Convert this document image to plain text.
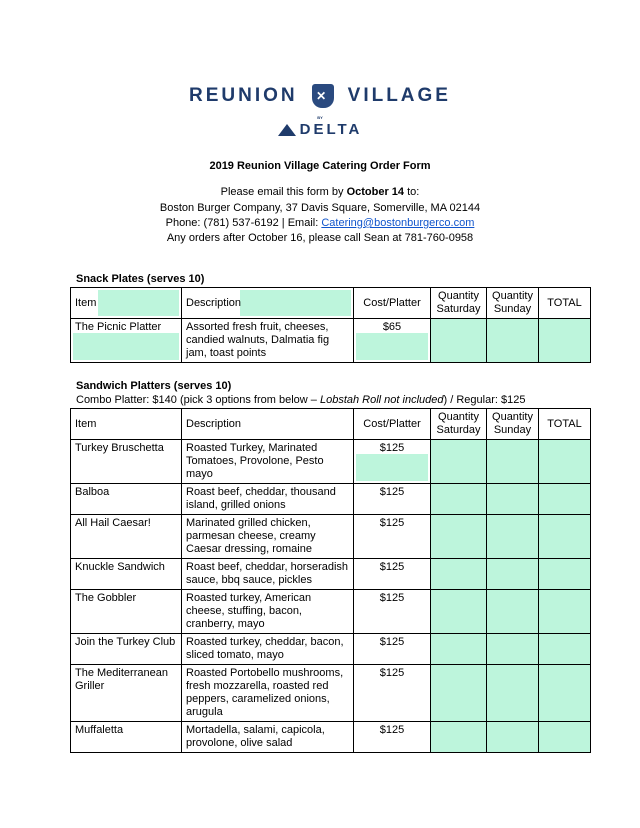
REUNION	✕ VILLAGE
BY
DELTA
2019 Reunion Village Catering Order Form
Please email this form by October 14 to:
Boston Burger Company, 37 Davis Square, Somerville, MA 02144
Phone: (781) 537-6192 | Email: Catering@bostonburgerco.com
Any orders after October 16, please call Sean at 781-760-0958
Snack Plates (serves 10)
Item	Description	Cost/Platter	Quantity Saturday	Quantity Sunday	TOTAL
The Picnic Platter	Assorted fresh fruit, cheeses, candied walnuts, Dalmatia fig jam, toast points	$65

Sandwich Platters (serves 10)
Combo Platter: $140 (pick 3 options from below – Lobstah Roll not included) / Regular: $125
Item	Description	Cost/Platter	Quantity Saturday	Quantity Sunday	TOTAL
Turkey Bruschetta	Roasted Turkey, Marinated Tomatoes, Provolone, Pesto mayo	$125

Balboa	Roast beef, cheddar, thousand island, grilled onions	$125			
All Hail Caesar!	Marinated grilled chicken, parmesan cheese, creamy Caesar dressing, romaine	$125			
Knuckle Sandwich	Roast beef, cheddar, horseradish sauce, bbq sauce, pickles	$125			
The Gobbler	Roasted turkey, American cheese, stuffing, bacon, cranberry, mayo	$125			
Join the Turkey Club	Roasted turkey, cheddar, bacon, sliced tomato, mayo	$125			
The Mediterranean Griller	Roasted Portobello mushrooms, fresh mozzarella, roasted red peppers, caramelized onions, arugula	$125			
Muffaletta	Mortadella, salami, capicola, provolone, olive salad	$125			
